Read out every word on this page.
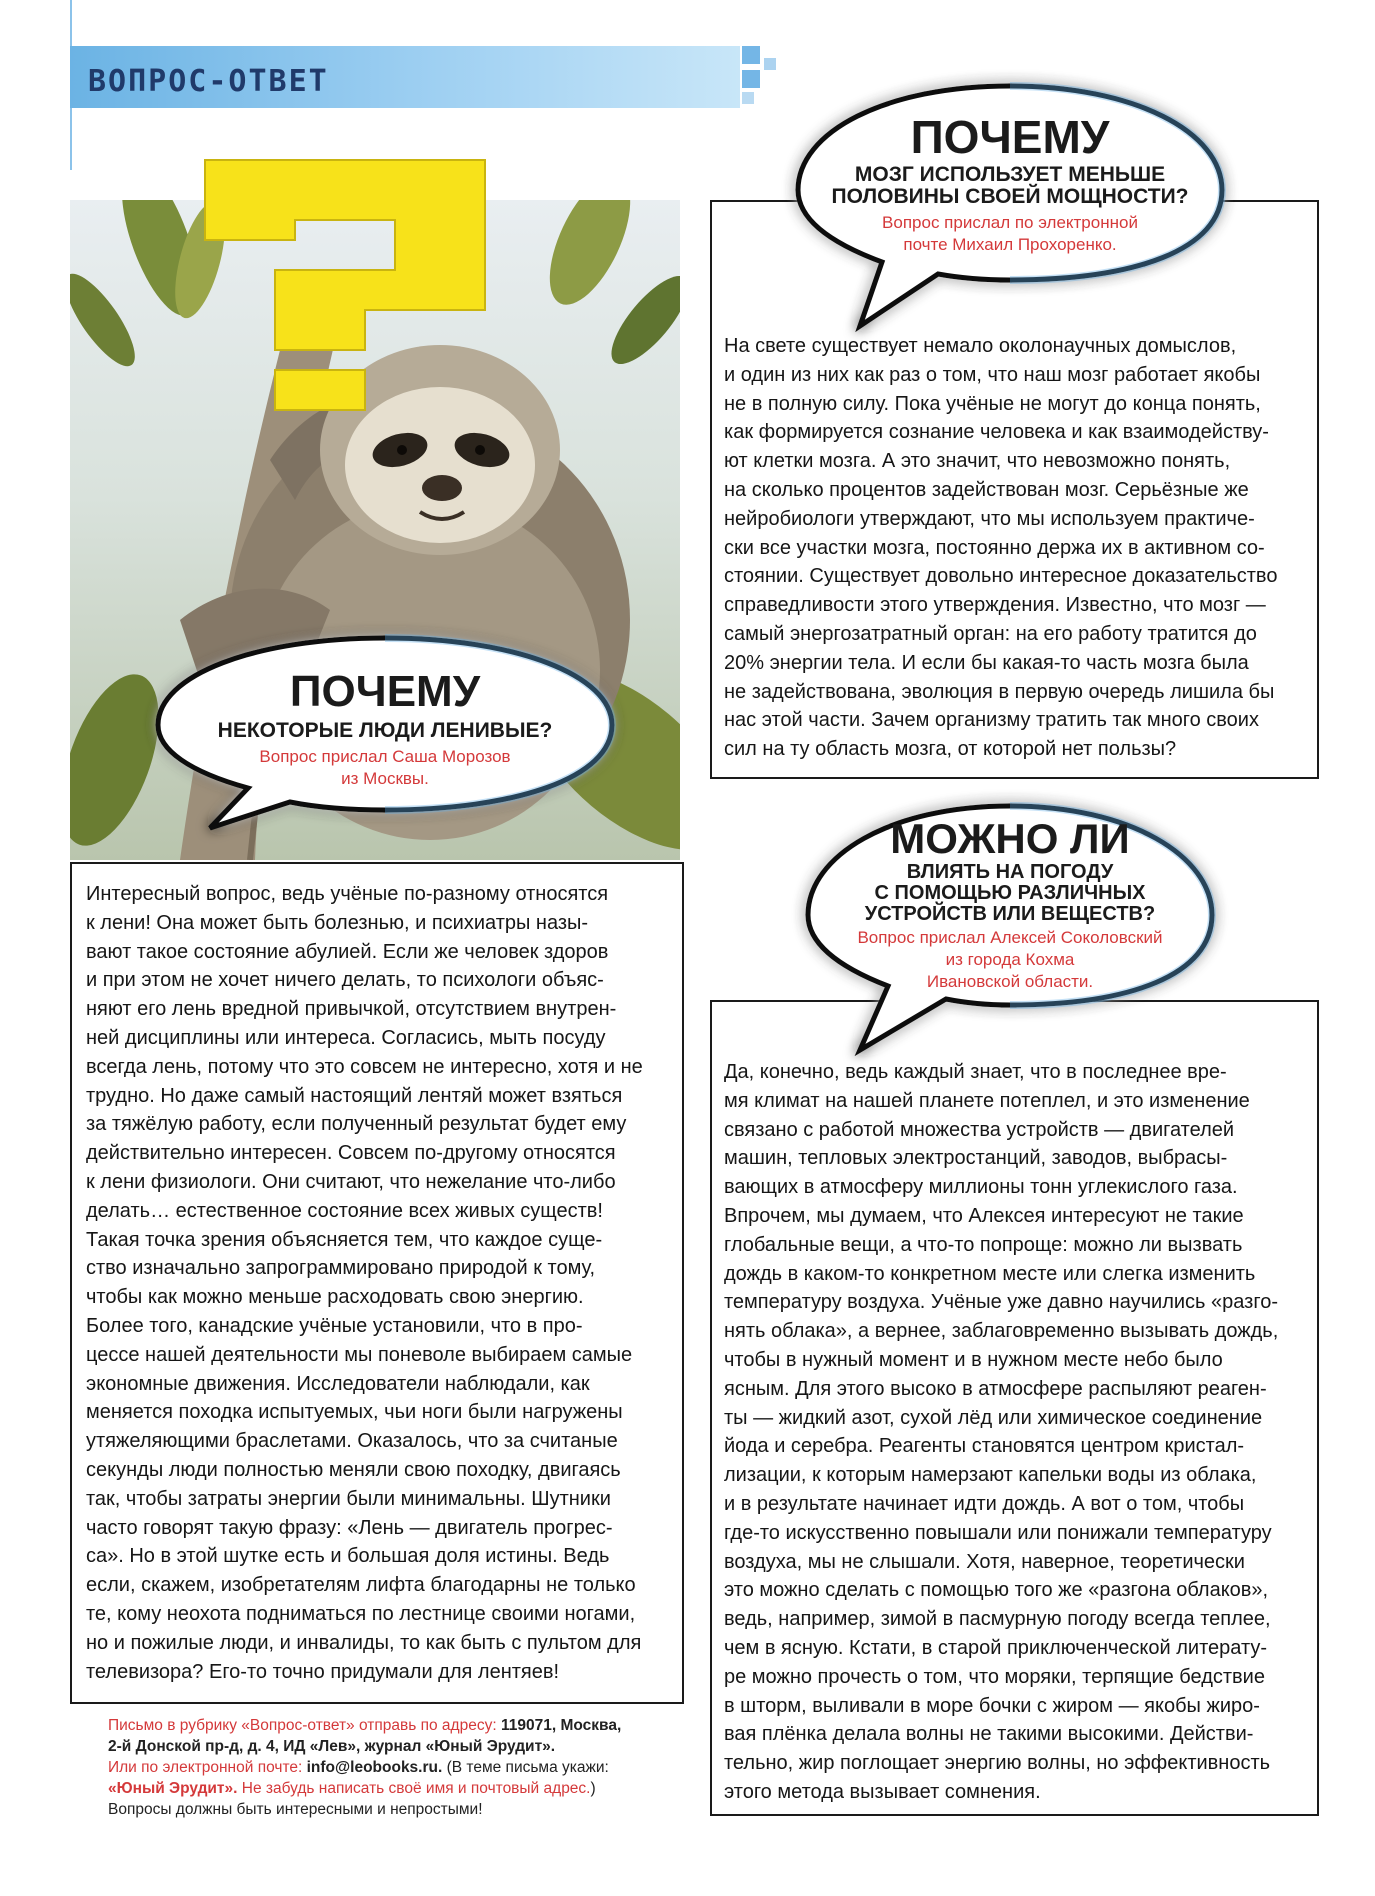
ВОПРОС-ОТВЕТ
ПОЧЕМУ
НЕКОТОРЫЕ ЛЮДИ ЛЕНИВЫЕ?
Вопрос прислал Саша Морозов
из Москвы.
Интересный вопрос, ведь учёные по-разному относятся
к лени! Она может быть болезнью, и психиатры назы-
вают такое состояние абулией. Если же человек здоров
и при этом не хочет ничего делать, то психологи объяс-
няют его лень вредной привычкой, отсутствием внутрен-
ней дисциплины или интереса. Согласись, мыть посуду
всегда лень, потому что это совсем не интересно, хотя и не
трудно. Но даже самый настоящий лентяй может взяться
за тяжёлую работу, если полученный результат будет ему
действительно интересен. Совсем по-другому относятся
к лени физиологи. Они считают, что нежелание что-либо
делать… естественное состояние всех живых существ!
Такая точка зрения объясняется тем, что каждое суще-
ство изначально запрограммировано природой к тому,
чтобы как можно меньше расходовать свою энергию.
Более того, канадские учёные установили, что в про-
цессе нашей деятельности мы поневоле выбираем самые
экономные движения. Исследователи наблюдали, как
меняется походка испытуемых, чьи ноги были нагружены
утяжеляющими браслетами. Оказалось, что за считаные
секунды люди полностью меняли свою походку, двигаясь
так, чтобы затраты энергии были минимальны. Шутники
часто говорят такую фразу: «Лень — двигатель прогрес-
са». Но в этой шутке есть и большая доля истины. Ведь
если, скажем, изобретателям лифта благодарны не только
те, кому неохота подниматься по лестнице своими ногами,
но и пожилые люди, и инвалиды, то как быть с пультом для
телевизора? Его-то точно придумали для лентяев!
Письмо в рубрику «Вопрос-ответ» отправь по адресу: 119071, Москва,
2-й Донской пр-д, д. 4, ИД «Лев», журнал «Юный Эрудит».
Или по электронной почте: info@leobooks.ru. (В теме письма укажи:
«Юный Эрудит». Не забудь написать своё имя и почтовый адрес.)
Вопросы должны быть интересными и непростыми!
ПОЧЕМУ
МОЗГ ИСПОЛЬЗУЕТ МЕНЬШЕ
ПОЛОВИНЫ СВОЕЙ МОЩНОСТИ?
Вопрос прислал по электронной
почте Михаил Прохоренко.
На свете существует немало околонаучных домыслов,
и один из них как раз о том, что наш мозг работает якобы
не в полную силу. Пока учёные не могут до конца понять,
как формируется сознание человека и как взаимодейству-
ют клетки мозга. А это значит, что невозможно понять,
на сколько процентов задействован мозг. Серьёзные же
нейробиологи утверждают, что мы используем практиче-
ски все участки мозга, постоянно держа их в активном со-
стоянии. Существует довольно интересное доказательство
справедливости этого утверждения. Известно, что мозг —
самый энергозатратный орган: на его работу тратится до
20% энергии тела. И если бы какая-то часть мозга была
не задействована, эволюция в первую очередь лишила бы
нас этой части. Зачем организму тратить так много своих
сил на ту область мозга, от которой нет пользы?
МОЖНО ЛИ
ВЛИЯТЬ НА ПОГОДУ
С ПОМОЩЬЮ РАЗЛИЧНЫХ
УСТРОЙСТВ ИЛИ ВЕЩЕСТВ?
Вопрос прислал Алексей Соколовский
из города Кохма
Ивановской области.
Да, конечно, ведь каждый знает, что в последнее вре-
мя климат на нашей планете потеплел, и это изменение
связано с работой множества устройств — двигателей
машин, тепловых электростанций, заводов, выбрасы-
вающих в атмосферу миллионы тонн углекислого газа.
Впрочем, мы думаем, что Алексея интересуют не такие
глобальные вещи, а что-то попроще: можно ли вызвать
дождь в каком-то конкретном месте или слегка изменить
температуру воздуха. Учёные уже давно научились «разго-
нять облака», а вернее, заблаговременно вызывать дождь,
чтобы в нужный момент и в нужном месте небо было
ясным. Для этого высоко в атмосфере распыляют реаген-
ты — жидкий азот, сухой лёд или химическое соединение
йода и серебра. Реагенты становятся центром кристал-
лизации, к которым намерзают капельки воды из облака,
и в результате начинает идти дождь. А вот о том, чтобы
где-то искусственно повышали или понижали температуру
воздуха, мы не слышали. Хотя, наверное, теоретически
это можно сделать с помощью того же «разгона облаков»,
ведь, например, зимой в пасмурную погоду всегда теплее,
чем в ясную. Кстати, в старой приключенческой литерату-
ре можно прочесть о том, что моряки, терпящие бедствие
в шторм, выливали в море бочки с жиром — якобы жиро-
вая плёнка делала волны не такими высокими. Действи-
тельно, жир поглощает энергию волны, но эффективность
этого метода вызывает сомнения.
